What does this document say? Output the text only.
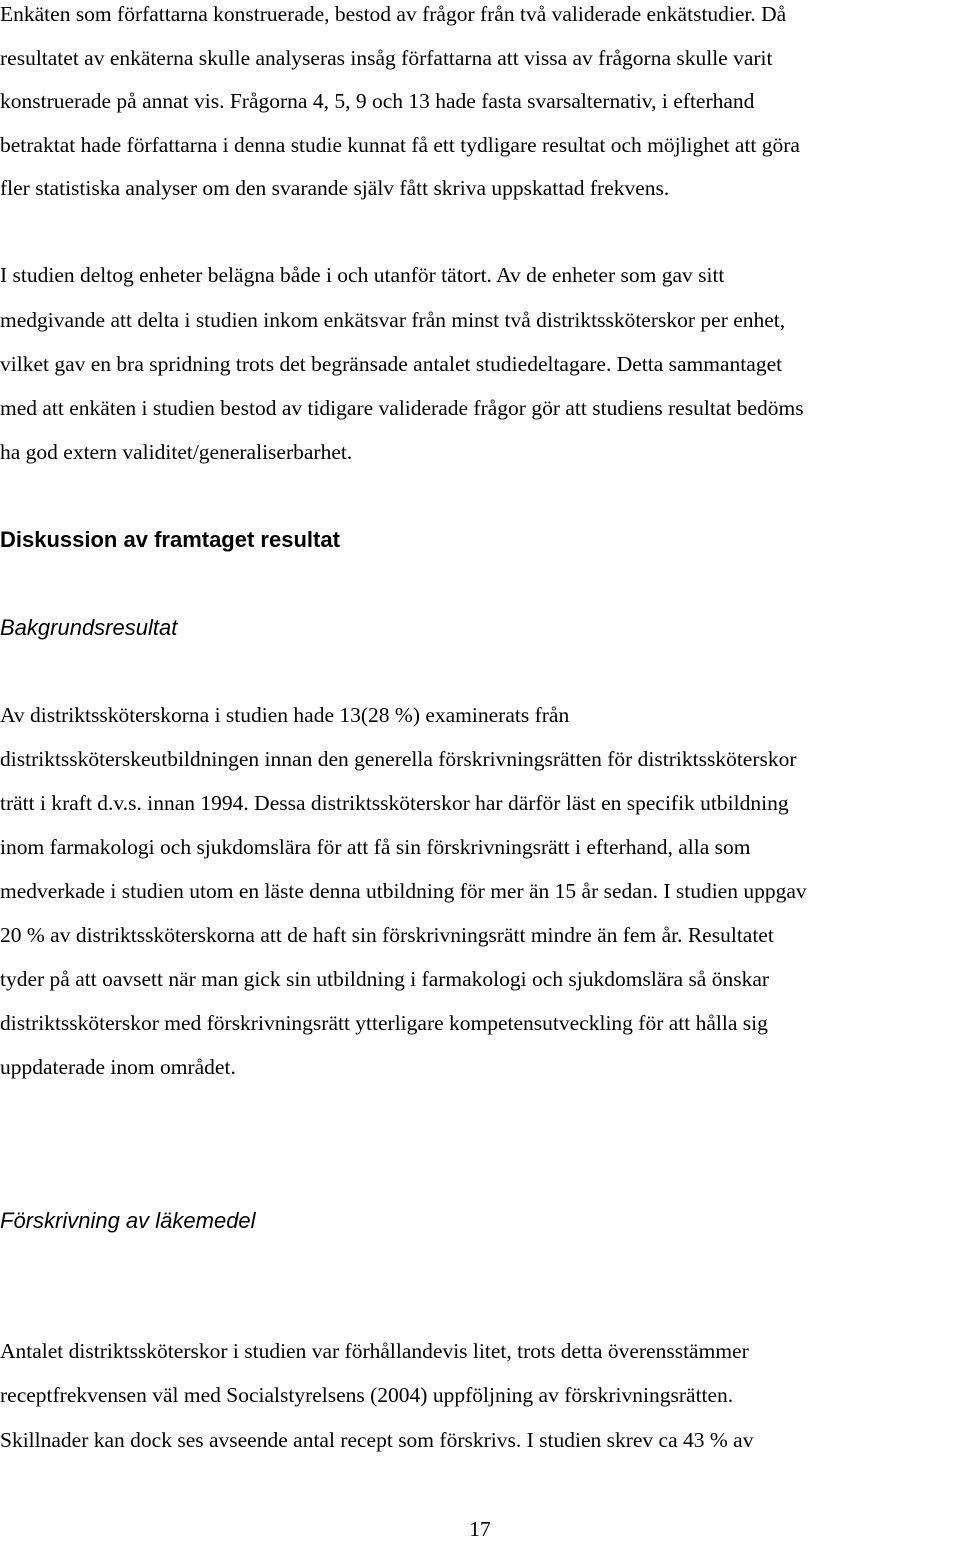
Enkäten som författarna konstruerade, bestod av frågor från två validerade enkätstudier. Då
resultatet av enkäterna skulle analyseras insåg författarna att vissa av frågorna skulle varit
konstruerade på annat vis. Frågorna 4, 5, 9 och 13 hade fasta svarsalternativ, i efterhand
betraktat hade författarna i denna studie kunnat få ett tydligare resultat och möjlighet att göra
fler statistiska analyser om den svarande själv fått skriva uppskattad frekvens.
I studien deltog enheter belägna både i och utanför tätort. Av de enheter som gav sitt
medgivande att delta i studien inkom enkätsvar från minst två distriktssköterskor per enhet,
vilket gav en bra spridning trots det begränsade antalet studiedeltagare. Detta sammantaget
med att enkäten i studien bestod av tidigare validerade frågor gör att studiens resultat bedöms
ha god extern validitet/generaliserbarhet.
Diskussion av framtaget resultat
Bakgrundsresultat
Av distriktssköterskorna i studien hade 13(28 %) examinerats från
distriktssköterskeutbildningen innan den generella förskrivningsrätten för distriktssköterskor
trätt i kraft d.v.s. innan 1994. Dessa distriktssköterskor har därför läst en specifik utbildning
inom farmakologi och sjukdomslära för att få sin förskrivningsrätt i efterhand, alla som
medverkade i studien utom en läste denna utbildning för mer än 15 år sedan. I studien uppgav
20 % av distriktssköterskorna att de haft sin förskrivningsrätt mindre än fem år. Resultatet
tyder på att oavsett när man gick sin utbildning i farmakologi och sjukdomslära så önskar
distriktssköterskor med förskrivningsrätt ytterligare kompetensutveckling för att hålla sig
uppdaterade inom området.
Förskrivning av läkemedel
Antalet distriktssköterskor i studien var förhållandevis litet, trots detta överensstämmer
receptfrekvensen väl med Socialstyrelsens (2004) uppföljning av förskrivningsrätten.
Skillnader kan dock ses avseende antal recept som förskrivs. I studien skrev ca 43 % av
17
